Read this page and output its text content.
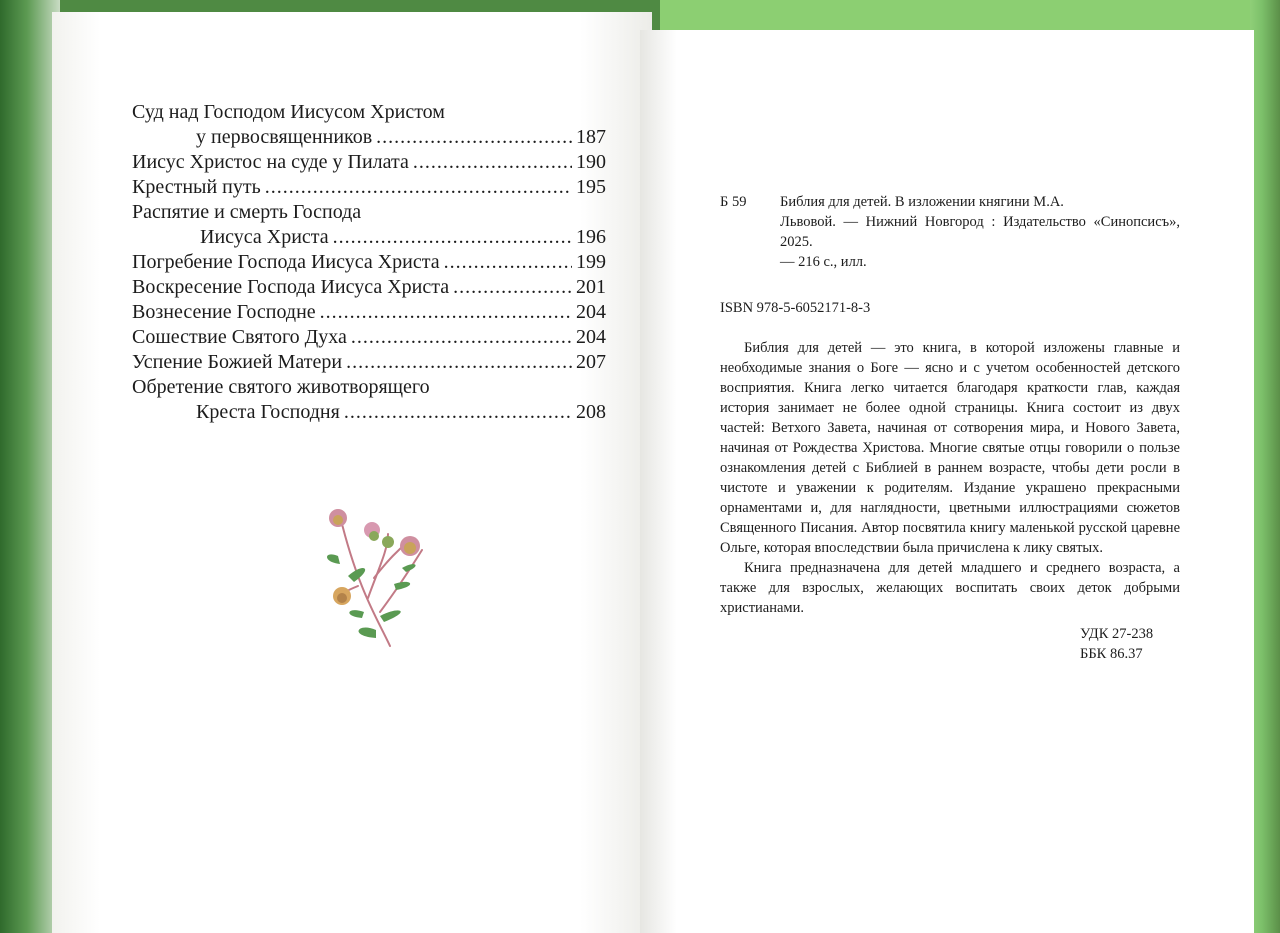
Суд над Господом Иисусом Христом
у первосвященников .....	187
Иисус Христос на суде у Пилата .....	190
Крестный путь .....	195
Распятие и смерть Господа
Иисуса Христа .....	196
Погребение Господа Иисуса Христа .....	199
Воскресение Господа Иисуса Христа .....	201
Вознесение Господне .....	204
Сошествие Святого Духа .....	204
Успение Божией Матери .....	207
Обретение святого животворящего
Креста Господня .....	208
Б 59	Библия для детей. В изложении княгини М.А.
Львовой. — Нижний Новгород : Издательство «Синопсисъ», 2025.
— 216 с., илл.
ISBN 978-5-6052171-8-3

Библия для детей — это книга, в которой изложены главные и необходимые знания о Боге — ясно и с учетом особенностей детского восприятия. Книга легко читается благодаря краткости глав, каждая история занимает не более одной страницы. Книга состоит из двух частей: Ветхого Завета, начиная от сотворения мира, и Нового Завета, начиная от Рождества Христова. Многие святые отцы говорили о пользе ознакомления детей с Библией в раннем возрасте, чтобы дети росли в чистоте и уважении к родителям. Издание украшено прекрасными орнаментами и, для наглядности, цветными иллюстрациями сюжетов Священного Писания. Автор посвятила книгу маленькой русской царевне Ольге, которая впоследствии была причислена к лику святых.

Книга предназначена для детей младшего и среднего возраста, а также для взрослых, желающих воспитать своих деток добрыми христианами.

УДК 27-238
ББК 86.37
